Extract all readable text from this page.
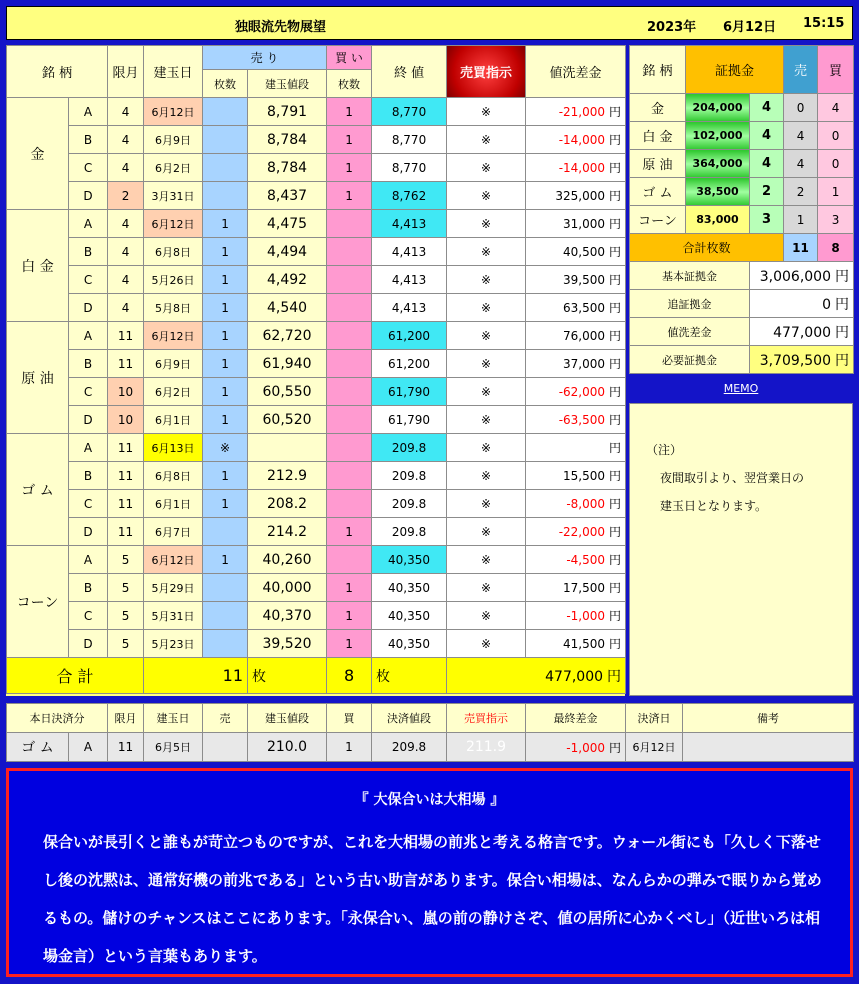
独眼流先物展望	2023年 6月12日 15:15
銘 柄		限月	建玉日	売 り		買 い	終 値	売買指示	値洗差金
				枚数	建玉値段	枚数			
金	A	4	6月12日		8,791	1	8,770	※	-21,000 円
	B	4	6月9日		8,784	1	8,770	※	-14,000 円
	C	4	6月2日		8,784	1	8,770	※	-14,000 円
	D	2	3月31日		8,437	1	8,762	※	325,000 円
白 金	A	4	6月12日	1	4,475		4,413	※	31,000 円
	B	4	6月8日	1	4,494		4,413	※	40,500 円
	C	4	5月26日	1	4,492		4,413	※	39,500 円
	D	4	5月8日	1	4,540		4,413	※	63,500 円
原 油	A	11	6月12日	1	62,720		61,200	※	76,000 円
	B	11	6月9日	1	61,940		61,200	※	37,000 円
	C	10	6月2日	1	60,550		61,790	※	-62,000 円
	D	10	6月1日	1	60,520		61,790	※	-63,500 円
ゴ ム	A	11	6月13日	※			209.8	※	円
	B	11	6月8日	1	212.9		209.8	※	15,500 円
	C	11	6月1日	1	208.2		209.8	※	-8,000 円
	D	11	6月7日		214.2	1	209.8	※	-22,000 円
コーン	A	5	6月12日	1	40,260		40,350	※	-4,500 円
	B	5	5月29日		40,000	1	40,350	※	17,500 円
	C	5	5月31日		40,370	1	40,350	※	-1,000 円
	D	5	5月23日		39,520	1	40,350	※	41,500 円
合 計			11		枚	8	枚	477,000 円	
銘 柄	証拠金		売	買
金	204,000	4	0	4
白 金	102,000	4	4	0
原 油	364,000	4	4	0
ゴ ム	38,500	2	2	1
コーン	83,000	3	1	3
合計枚数			11	8
基本証拠金		3,006,000 円		
追証拠金		0 円		
値洗差金		477,000 円		
必要証拠金		3,709,500 円		
MEMO
（注）
夜間取引より、翌営業日の
建玉日となります。
本日決済分		限月	建玉日	売	建玉値段	買	決済値段	売買指示	最終差金	決済日	備考
ゴ ム	A	11	6月5日		210.0	1	209.8	211.9	-1,000 円	6月12日	
『 大保合いは大相場 』
保合いが長引くと誰もが苛立つものですが、これを大相場の前兆と考える格言です。ウォール街にも「久しく下落せし後の沈黙は、通常好機の前兆である」という古い助言があります。保合い相場は、なんらかの弾みで眠りから覚めるもの。儲けのチャンスはここにあります。「永保合い、嵐の前の静けさぞ、値の居所に心かくべし」（近世いろは相場金言）という言葉もあります。
